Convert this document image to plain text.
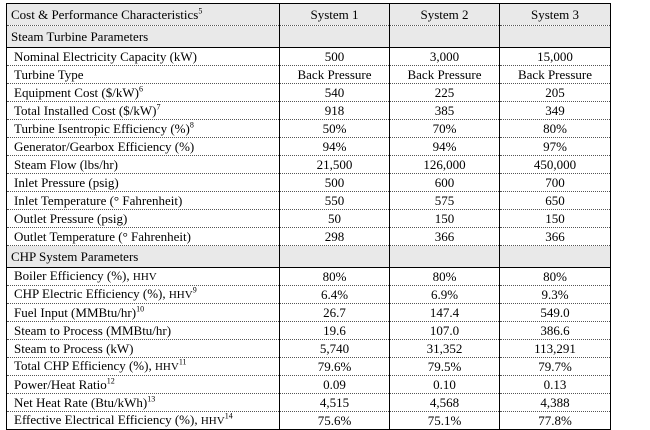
Cost & Performance Characteristics$^5$	System 1	System 2	System 3
Steam Turbine Parameters			
Nominal Electricity Capacity (kW)	500	3,000	15,000
Turbine Type	Back Pressure	Back Pressure	Back Pressure
Equipment Cost ($/kW)$^6$	540	225	205
Total Installed Cost ($/kW)$^7$	918	385	349
Turbine Isentropic Efficiency (%)$^8$	50%	70%	80%
Generator/Gearbox Efficiency (%)	94%	94%	97%
Steam Flow (lbs/hr)	21,500	126,000	450,000
Inlet Pressure (psig)	500	600	700
Inlet Temperature (° Fahrenheit)	550	575	650
Outlet Pressure (psig)	50	150	150
Outlet Temperature (° Fahrenheit)	298	366	366
CHP System Parameters			
Boiler Efficiency (%), HHV	80%	80%	80%
CHP Electric Efficiency (%), HHV$^9$	6.4%	6.9%	9.3%
Fuel Input (MMBtu/hr)$^{10}$	26.7	147.4	549.0
Steam to Process (MMBtu/hr)	19.6	107.0	386.6
Steam to Process (kW)	5,740	31,352	113,291
Total CHP Efficiency (%), HHV$^{11}$	79.6%	79.5%	79.7%
Power/Heat Ratio$^{12}$	0.09	0.10	0.13
Net Heat Rate $(Btu/kWh)^{13}$	4,515	4,568	4,388
Effective Electrical Efficiency (%), HHV$^{14}$	75.6%	75.1%	77.8%
